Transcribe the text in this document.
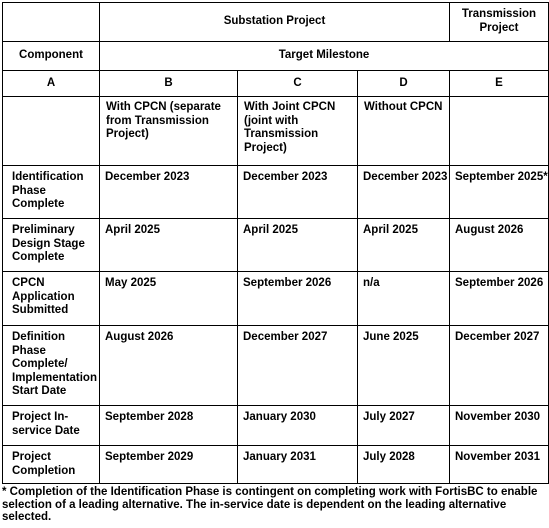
	Substation Project			Transmission Project
Component	Target Milestone			
A	B	C	D	E
	With CPCN (separate from Transmission Project)	With Joint CPCN (joint with Transmission Project)	Without CPCN	
Identification Phase Complete	December 2023	December 2023	December 2023	September 2025*
Preliminary Design Stage Complete	April 2025	April 2025	April 2025	August 2026
CPCN Application Submitted	May 2025	September 2026	n/a	September 2026
Definition Phase Complete/ Implementation Start Date	August 2026	December 2027	June 2025	December 2027
Project In-service Date	September 2028	January 2030	July 2027	November 2030
Project Completion	September 2029	January 2031	July 2028	November 2031
* Completion of the Identification Phase is contingent on completing work with FortisBC to enable selection of a leading alternative. The in-service date is dependent on the leading alternative selected.
